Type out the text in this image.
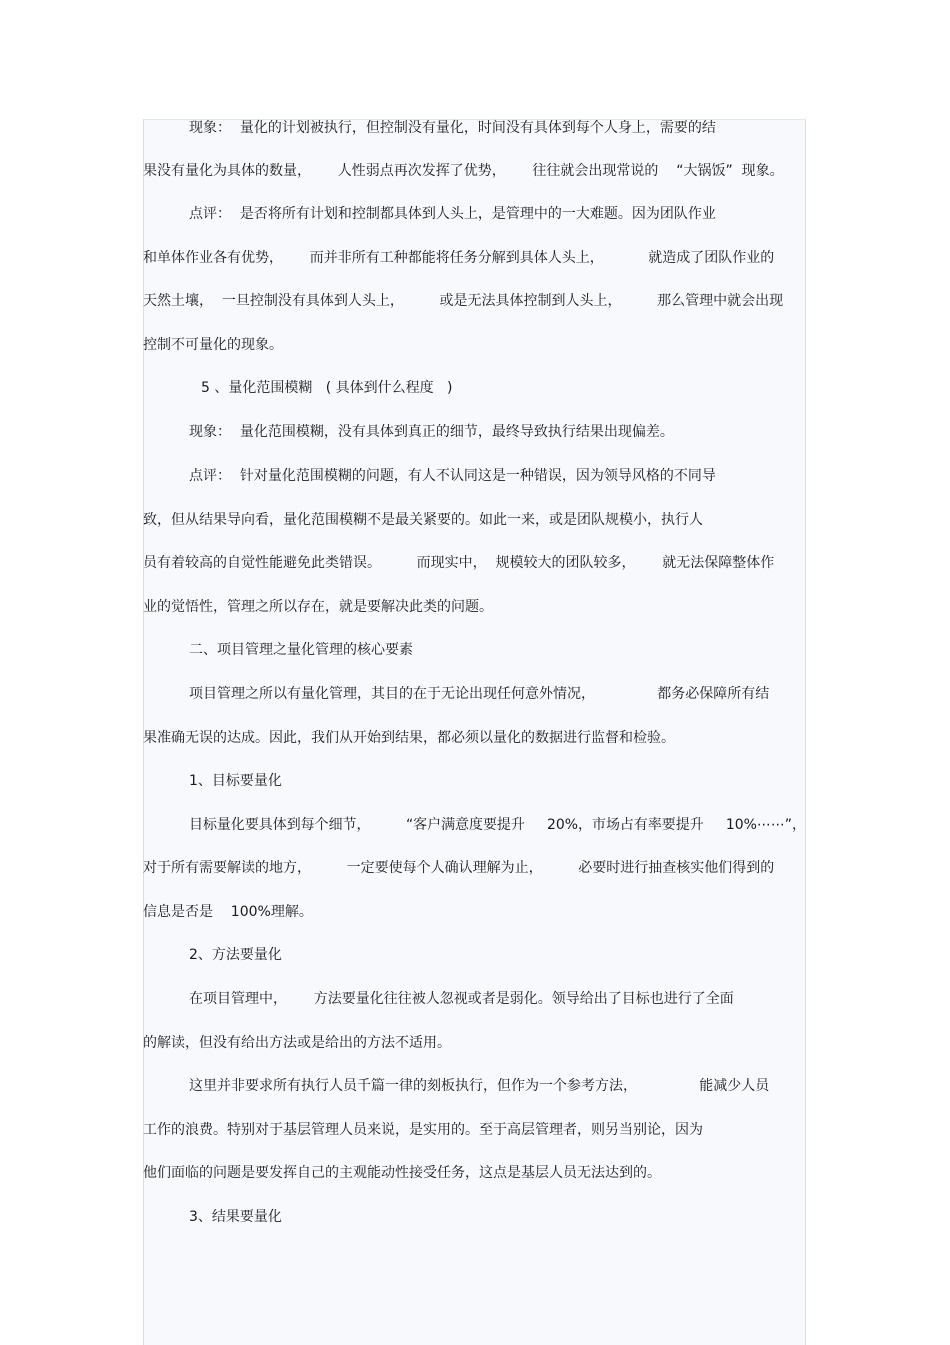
现象：  量化的计划被执行，但控制没有量化，时间没有具体到每个人身上，需要的结
果没有量化为具体的数量，      人性弱点再次发挥了优势，      往往就会出现常说的    “大锅饭”  现象。
点评：  是否将所有计划和控制都具体到人头上，是管理中的一大难题。因为团队作业
和单体作业各有优势，      而并非所有工种都能将任务分解到具体人头上，          就造成了团队作业的
天然土壤，  一旦控制没有具体到人头上，        或是无法具体控制到人头上，        那么管理中就会出现
控制不可量化的现象。
5 、量化范围模糊   ( 具体到什么程度   )
现象：  量化范围模糊，没有具体到真正的细节，最终导致执行结果出现偏差。
点评：  针对量化范围模糊的问题，有人不认同这是一种错误，因为领导风格的不同导
致，但从结果导向看，量化范围模糊不是最关紧要的。如此一来，或是团队规模小，执行人
员有着较高的自觉性能避免此类错误。        而现实中，  规模较大的团队较多，      就无法保障整体作
业的觉悟性，管理之所以存在，就是要解决此类的问题。
二、项目管理之量化管理的核心要素
项目管理之所以有量化管理，其目的在于无论出现任何意外情况，              都务必保障所有结
果准确无误的达成。因此，我们从开始到结果，都必须以量化的数据进行监督和检验。
1、目标要量化
目标量化要具体到每个细节，        “客户满意度要提升     20%，市场占有率要提升     10%⋯⋯”，
对于所有需要解读的地方，        一定要使每个人确认理解为止，        必要时进行抽查核实他们得到的
信息是否是    100%理解。
2、方法要量化
在项目管理中，      方法要量化往往被人忽视或者是弱化。领导给出了目标也进行了全面
的解读，但没有给出方法或是给出的方法不适用。
这里并非要求所有执行人员千篇一律的刻板执行，但作为一个参考方法，              能减少人员
工作的浪费。特别对于基层管理人员来说，是实用的。至于高层管理者，则另当别论，因为
他们面临的问题是要发挥自己的主观能动性接受任务，这点是基层人员无法达到的。
3、结果要量化
